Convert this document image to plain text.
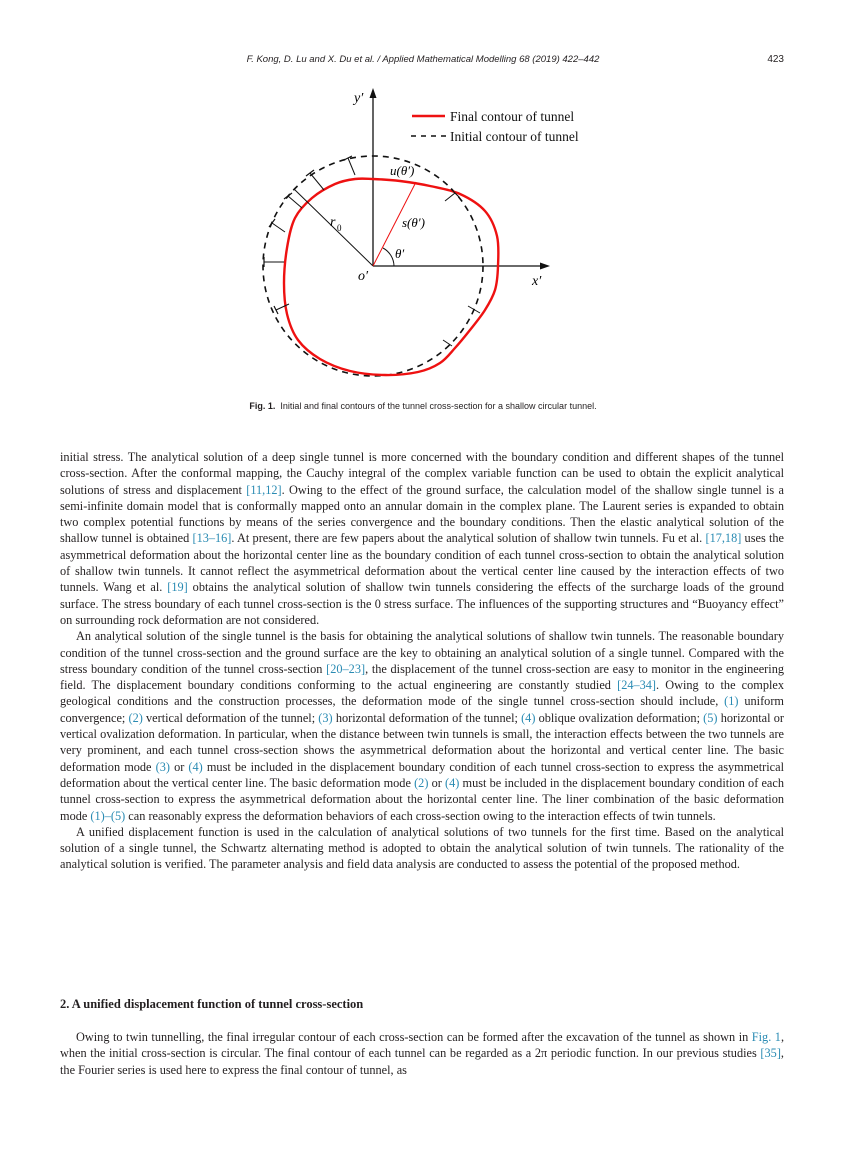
F. Kong, D. Lu and X. Du et al. / Applied Mathematical Modelling 68 (2019) 422–442	423
Final contour of tunnel
Initial contour of tunnel
y′
x′
o′
r 0
u(θ′)
s(θ′)
θ′
Fig. 1. Initial and final contours of the tunnel cross-section for a shallow circular tunnel.

initial stress. The analytical solution of a deep single tunnel is more concerned with the boundary condition and different shapes of the tunnel cross-section. After the conformal mapping, the Cauchy integral of the complex variable function can be used to obtain the explicit analytical solutions of stress and displacement [11,12]. Owing to the effect of the ground surface, the calculation model of the shallow single tunnel is a semi-infinite domain model that is conformally mapped onto an annular domain in the complex plane. The Laurent series is expanded to obtain two complex potential functions by means of the series convergence and the boundary conditions. Then the elastic analytical solution of the shallow tunnel is obtained [13–16]. At present, there are few papers about the analytical solution of shallow twin tunnels. Fu et al. [17,18] uses the asymmetrical deformation about the horizontal center line as the boundary condition of each tunnel cross-section to obtain the analytical solution of shallow twin tunnels. It cannot reflect the asymmetrical deformation about the vertical center line caused by the interaction effects of two tunnels. Wang et al. [19] obtains the analytical solution of shallow twin tunnels considering the effects of the surcharge loads of the ground surface. The stress boundary of each tunnel cross-section is the 0 stress surface. The influences of the supporting structures and “Buoyancy effect” on surrounding rock deformation are not considered.

An analytical solution of the single tunnel is the basis for obtaining the analytical solutions of shallow twin tunnels. The reasonable boundary condition of the tunnel cross-section and the ground surface are the key to obtaining an analytical solution of a single tunnel. Compared with the stress boundary condition of the tunnel cross-section [20–23], the displacement of the tunnel cross-section are easy to monitor in the engineering field. The displacement boundary conditions conforming to the actual engineering are constantly studied [24–34]. Owing to the complex geological conditions and the construction processes, the deformation mode of the single tunnel cross-section should include, (1) uniform convergence; (2) vertical deformation of the tunnel; (3) horizontal deformation of the tunnel; (4) oblique ovalization deformation; (5) horizontal or vertical ovalization deformation. In particular, when the distance between twin tunnels is small, the interaction effects between the two tunnels are very prominent, and each tunnel cross-section shows the asymmetrical deformation about the horizontal and vertical center line. The basic deformation mode (3) or (4) must be included in the displacement boundary condition of each tunnel cross-section to express the asymmetrical deformation about the vertical center line. The basic deformation mode (2) or (4) must be included in the displacement boundary condition of each tunnel cross-section to express the asymmetrical deformation about the horizontal center line. The liner combination of the basic deformation mode (1)–(5) can reasonably express the deformation behaviors of each cross-section owing to the interaction effects of twin tunnels.

A unified displacement function is used in the calculation of analytical solutions of two tunnels for the first time. Based on the analytical solution of a single tunnel, the Schwartz alternating method is adopted to obtain the analytical solution of twin tunnels. The rationality of the analytical solution is verified. The parameter analysis and field data analysis are conducted to assess the potential of the proposed method.

2. A unified displacement function of tunnel cross-section

Owing to twin tunnelling, the final irregular contour of each cross-section can be formed after the excavation of the tunnel as shown in Fig. 1, when the initial cross-section is circular. The final contour of each tunnel can be regarded as a 2π periodic function. In our previous studies [35], the Fourier series is used here to express the final contour of tunnel, as
